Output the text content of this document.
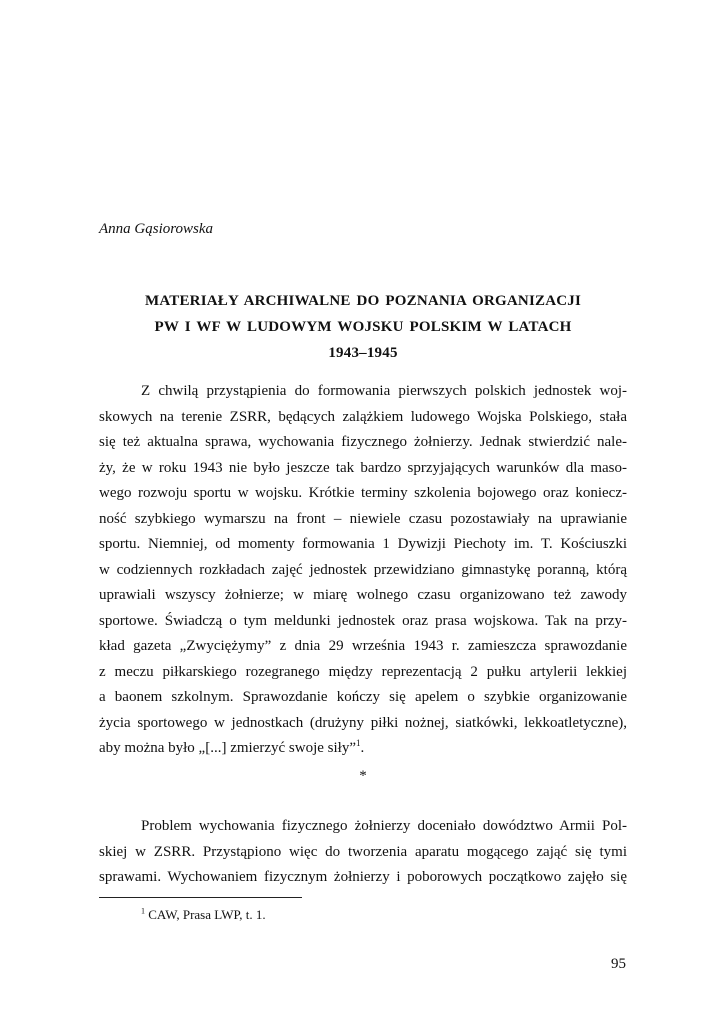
Anna Gąsiorowska

MATERIAŁY ARCHIWALNE DO POZNANIA ORGANIZACJI
PW I WF W LUDOWYM WOJSKU POLSKIM W LATACH
1943–1945
Z chwilą przystąpienia do formowania pierwszych polskich jednostek woj-
skowych na terenie ZSRR, będących zalążkiem ludowego Wojska Polskiego, stała
się też aktualna sprawa, wychowania fizycznego żołnierzy. Jednak stwierdzić nale-
ży, że w roku 1943 nie było jeszcze tak bardzo sprzyjających warunków dla maso-
wego rozwoju sportu w wojsku. Krótkie terminy szkolenia bojowego oraz koniecz-
ność szybkiego wymarszu na front – niewiele czasu pozostawiały na uprawianie
sportu. Niemniej, od momenty formowania 1 Dywizji Piechoty im. T. Kościuszki
w codziennych rozkładach zajęć jednostek przewidziano gimnastykę poranną, którą
uprawiali wszyscy żołnierze; w miarę wolnego czasu organizowano też zawody
sportowe. Świadczą o tym meldunki jednostek oraz prasa wojskowa. Tak na przy-
kład gazeta „Zwyciężymy” z dnia 29 września 1943 r. zamieszcza sprawozdanie
z meczu piłkarskiego rozegranego między reprezentacją 2 pułku artylerii lekkiej
a baonem szkolnym. Sprawozdanie kończy się apelem o szybkie organizowanie
życia sportowego w jednostkach (drużyny piłki nożnej, siatkówki, lekkoatletyczne),
aby można było „[...] zmierzyć swoje siły”$^1$.

*

Problem wychowania fizycznego żołnierzy doceniało dowództwo Armii Pol-
skiej w ZSRR. Przystąpiono więc do tworzenia aparatu mogącego zająć się tymi
sprawami. Wychowaniem fizycznym żołnierzy i poborowych początkowo zajęło się

$^1$ CAW, Prasa LWP, t. 1.

95
